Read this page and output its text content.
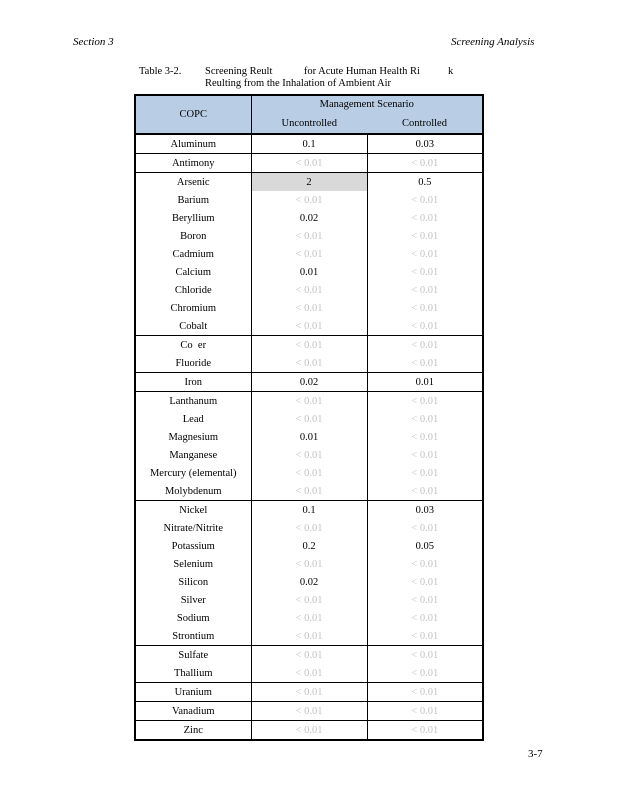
Section 3	Screening Analysis
Table 3-2. Screening Reult            for Acute Human Health Ri	k
Reulting from the Inhalation of Ambient Air
COPC	Management Scenario	
	Uncontrolled	Controlled
Aluminum	0.1	0.03
Antimony	< 0.01	< 0.01
Arsenic	2	0.5
Barium	< 0.01	< 0.01
Beryllium	0.02	< 0.01
Boron	< 0.01	< 0.01
Cadmium	< 0.01	< 0.01
Calcium	0.01	< 0.01
Chloride	< 0.01	< 0.01
Chromium	< 0.01	< 0.01
Cobalt	< 0.01	< 0.01
Co  er	< 0.01	< 0.01
Fluoride	< 0.01	< 0.01
Iron	0.02	0.01
Lanthanum	< 0.01	< 0.01
Lead	< 0.01	< 0.01
Magnesium	0.01	< 0.01
Manganese	< 0.01	< 0.01
Mercury (elemental)	< 0.01	< 0.01
Molybdenum	< 0.01	< 0.01
Nickel	0.1	0.03
Nitrate/Nitrite	< 0.01	< 0.01
Potassium	0.2	0.05
Selenium	< 0.01	< 0.01
Silicon	0.02	< 0.01
Silver	< 0.01	< 0.01
Sodium	< 0.01	< 0.01
Strontium	< 0.01	< 0.01
Sulfate	< 0.01	< 0.01
Thallium	< 0.01	< 0.01
Uranium	< 0.01	< 0.01
Vanadium	< 0.01	< 0.01
Zinc	< 0.01	< 0.01
3-7
